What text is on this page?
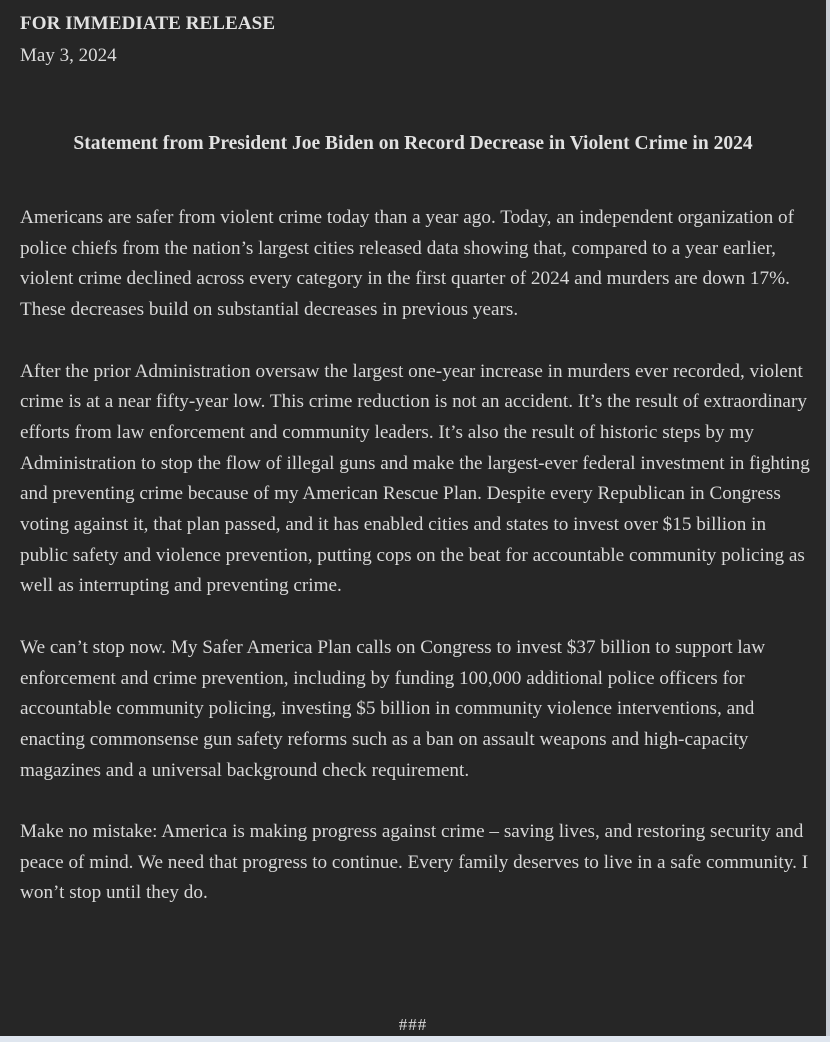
FOR IMMEDIATE RELEASE
May 3, 2024
Statement from President Joe Biden on Record Decrease in Violent Crime in 2024

Americans are safer from violent crime today than a year ago. Today, an independent organization of police chiefs from the nation’s largest cities released data showing that, compared to a year earlier, violent crime declined across every category in the first quarter of 2024 and murders are down 17%. These decreases build on substantial decreases in previous years.

After the prior Administration oversaw the largest one-year increase in murders ever recorded, violent crime is at a near fifty-year low. This crime reduction is not an accident. It’s the result of extraordinary efforts from law enforcement and community leaders. It’s also the result of historic steps by my Administration to stop the flow of illegal guns and make the largest-ever federal investment in fighting and preventing crime because of my American Rescue Plan. Despite every Republican in Congress voting against it, that plan passed, and it has enabled cities and states to invest over $15 billion in public safety and violence prevention, putting cops on the beat for accountable community policing as well as interrupting and preventing crime.

We can’t stop now. My Safer America Plan calls on Congress to invest $37 billion to support law enforcement and crime prevention, including by funding 100,000 additional police officers for accountable community policing, investing $5 billion in community violence interventions, and enacting commonsense gun safety reforms such as a ban on assault weapons and high-capacity magazines and a universal background check requirement.

Make no mistake: America is making progress against crime – saving lives, and restoring security and peace of mind. We need that progress to continue. Every family deserves to live in a safe community. I won’t stop until they do.

###
